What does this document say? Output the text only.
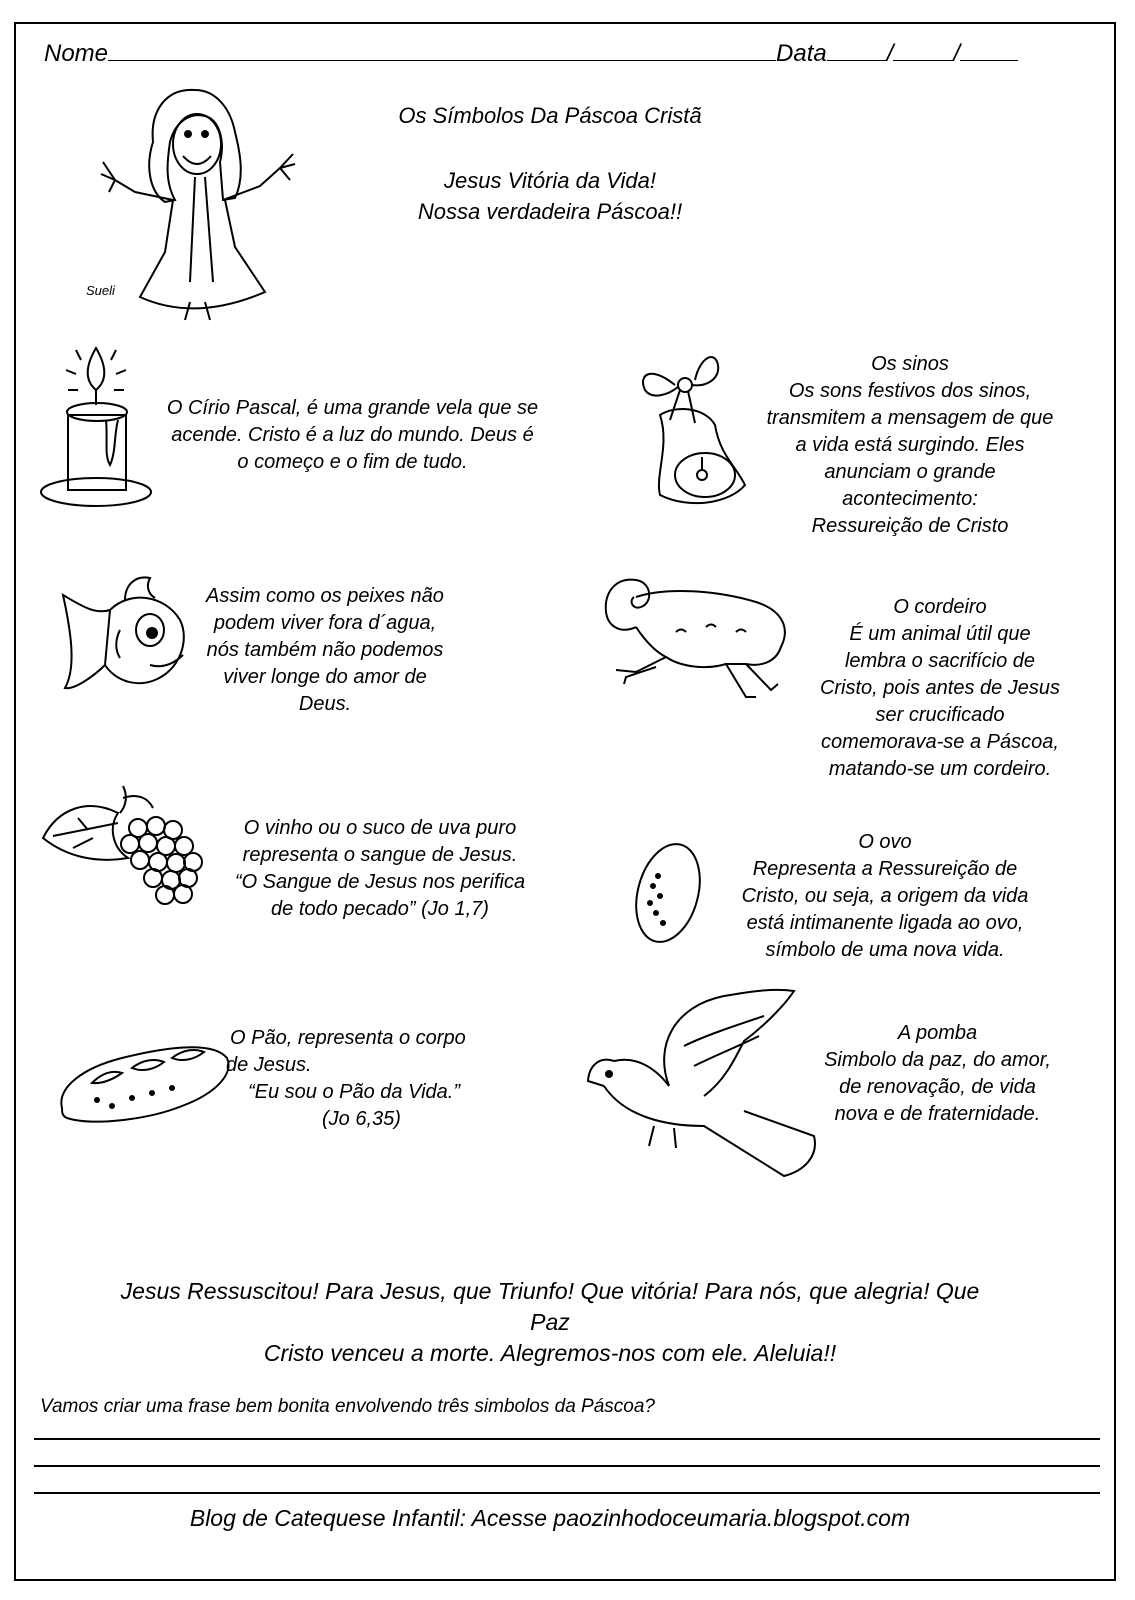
Nome	Data	/	/
Sueli
Os Símbolos Da Páscoa Cristã
Jesus Vitória da Vida!
Nossa verdadeira Páscoa!!
O Círio Pascal, é uma grande vela que se
acende. Cristo é a luz do mundo. Deus é
o começo e o fim de tudo.
Os sinos
Os sons festivos dos sinos,
transmitem a mensagem de que
a vida está surgindo. Eles
anunciam o grande
acontecimento:
Ressureição de Cristo
Assim como os peixes não
podem viver fora d´agua,
nós também não podemos
viver longe do amor de
Deus.
O cordeiro
É um animal útil que
lembra o sacrifício de
Cristo, pois antes de Jesus
ser crucificado
comemorava-se a Páscoa,
matando-se um cordeiro.
O vinho ou o suco de uva puro
representa o sangue de Jesus.
“O Sangue de Jesus nos perifica
de todo pecado” (Jo 1,7)
O ovo
Representa a Ressureição de
Cristo, ou seja, a origem da vida
está intimanente ligada ao ovo,
símbolo de uma nova vida.
O Pão, representa o corpo
de Jesus.
“Eu sou o Pão da Vida.”
(Jo 6,35)
A pomba
Simbolo da paz, do amor,
de renovação, de vida
nova e de fraternidade.
Jesus Ressuscitou! Para Jesus, que Triunfo! Que vitória! Para nós, que alegria! Que
Paz
Cristo venceu a morte. Alegremos-nos com ele. Aleluia!!
Vamos criar uma frase bem bonita envolvendo três simbolos da Páscoa?
Blog de Catequese Infantil: Acesse paozinhodoceumaria.blogspot.com
